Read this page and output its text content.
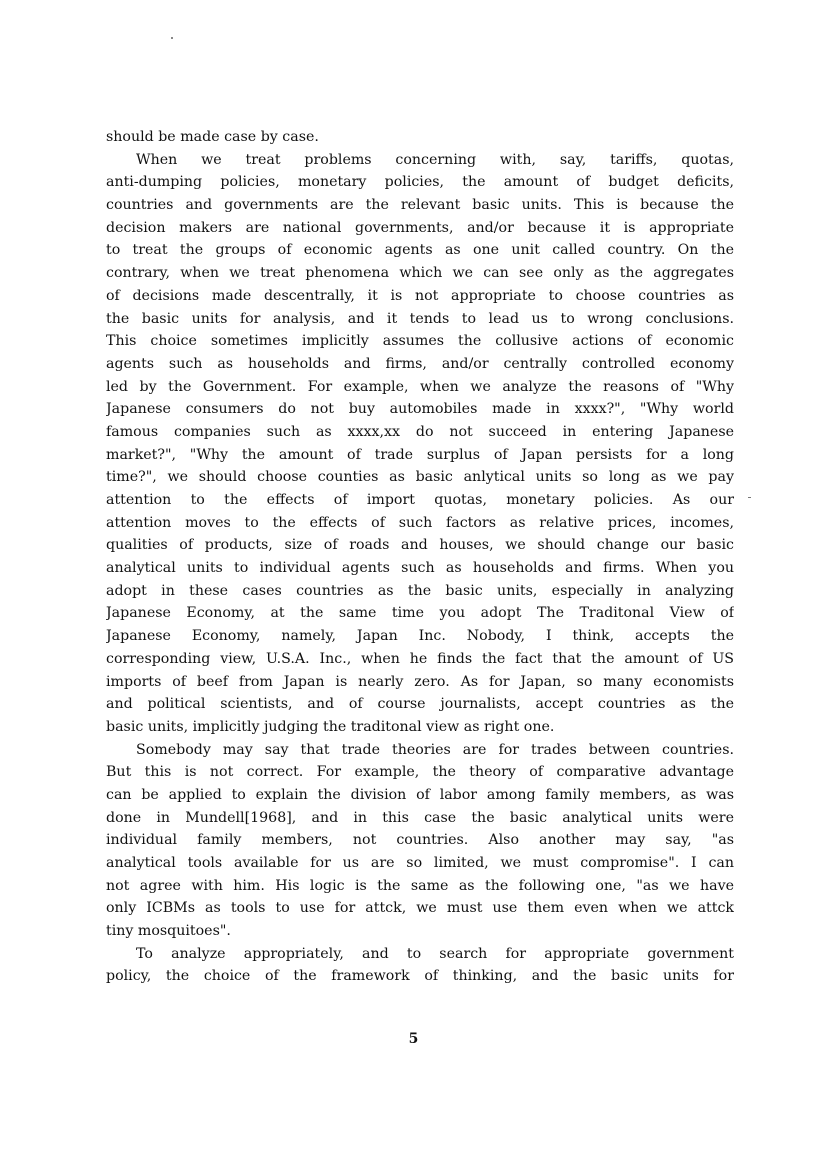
should be made case by case.
When we treat problems concerning with, say, tariffs, quotas,
anti-dumping policies, monetary policies, the amount of budget deficits,
countries and governments are the relevant basic units. This is because the
decision makers are national governments, and/or because it is appropriate
to treat the groups of economic agents as one unit called country. On the
contrary, when we treat phenomena which we can see only as the aggregates
of decisions made descentrally, it is not appropriate to choose countries as
the basic units for analysis, and it tends to lead us to wrong conclusions.
This choice sometimes implicitly assumes the collusive actions of economic
agents such as households and firms, and/or centrally controlled economy
led by the Government. For example, when we analyze the reasons of "Why
Japanese consumers do not buy automobiles made in xxxx?", "Why world
famous companies such as xxxx,xx do not succeed in entering Japanese
market?", "Why the amount of trade surplus of Japan persists for a long
time?", we should choose counties as basic anlytical units so long as we pay
attention to the effects of import quotas, monetary policies. As our
attention moves to the effects of such factors as relative prices, incomes,
qualities of products, size of roads and houses, we should change our basic
analytical units to individual agents such as households and firms. When you
adopt in these cases countries as the basic units, especially in analyzing
Japanese Economy, at the same time you adopt The Traditonal View of
Japanese Economy, namely, Japan Inc. Nobody, I think, accepts the
corresponding view, U.S.A. Inc., when he finds the fact that the amount of US
imports of beef from Japan is nearly zero. As for Japan, so many economists
and political scientists, and of course journalists, accept countries as the
basic units, implicitly judging the traditonal view as right one.
Somebody may say that trade theories are for trades between countries.
But this is not correct. For example, the theory of comparative advantage
can be applied to explain the division of labor among family members, as was
done in Mundell[1968], and in this case the basic analytical units were
individual family members, not countries. Also another may say, "as
analytical tools available for us are so limited, we must compromise". I can
not agree with him. His logic is the same as the following one, "as we have
only ICBMs as tools to use for attck, we must use them even when we attck
tiny mosquitoes".
To analyze appropriately, and to search for appropriate government
policy, the choice of the framework of thinking, and the basic units for
5
